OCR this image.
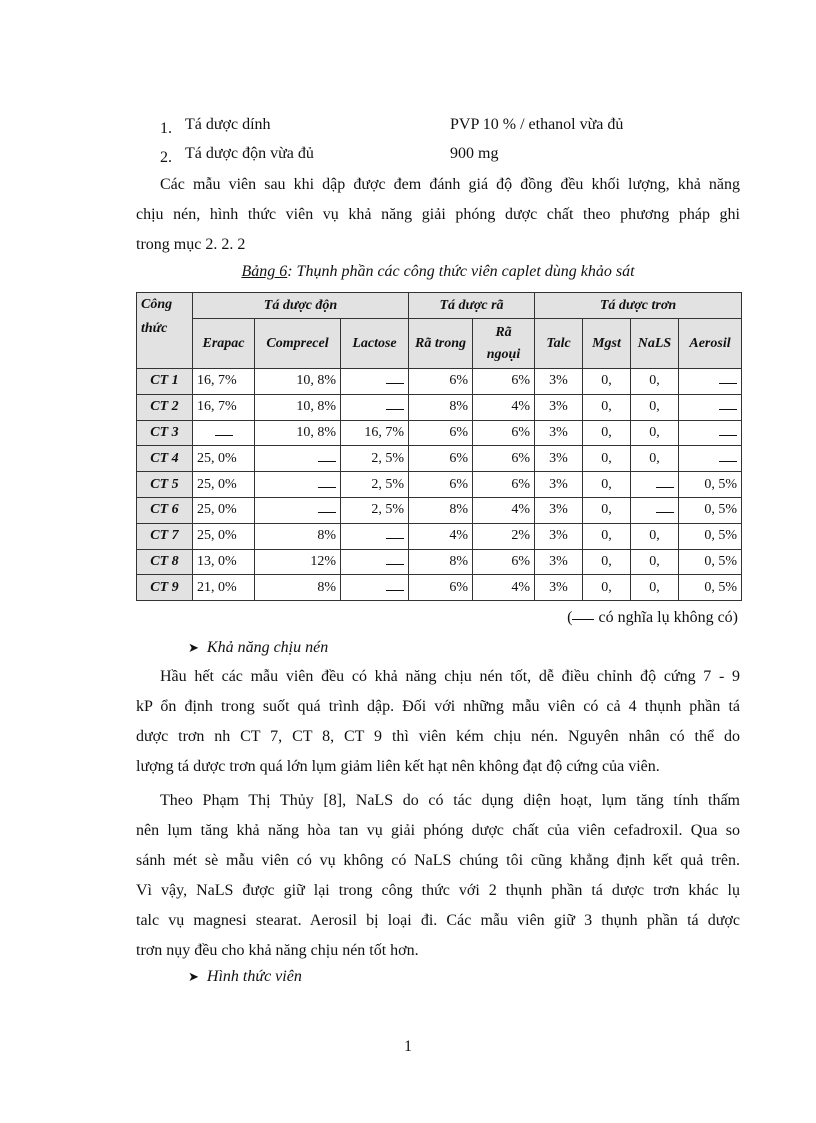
1. Tá dược dính	PVP 10 % / ethanol vừa đủ
2. Tá dược độn vừa đủ	900 mg
Các mẫu viên sau khi dập được đem đánh giá độ đồng đều khối lượng, khả năng
chịu nén, hình thức viên vụ khả năng giải phóng dược chất theo phương pháp ghi
trong mục 2. 2. 2
Bảng 6: Thụnh phần các công thức viên caplet dùng khảo sát
Công thức	Tá dược độn			Tá dược rã		Tá dược trơn			
	Erapac	Comprecel	Lactose	Rã trong	Rã ngoụi	Talc	Mgst	NaLS	Aerosil
CT 1	16, 7%	10, 8%		6%	6%	3%	0,	0,	
CT 2	16, 7%	10, 8%		8%	4%	3%	0,	0,	
CT 3		10, 8%	16, 7%	6%	6%	3%	0,	0,	
CT 4	25, 0%		2, 5%	6%	6%	3%	0,	0,	
CT 5	25, 0%		2, 5%	6%	6%	3%	0,		0, 5%
CT 6	25, 0%		2, 5%	8%	4%	3%	0,		0, 5%
CT 7	25, 0%	8%		4%	2%	3%	0,	0,	0, 5%
CT 8	13, 0%	12%		8%	6%	3%	0,	0,	0, 5%
CT 9	21, 0%	8%		6%	4%	3%	0,	0,	0, 5%
( có nghĩa lụ không có)
➤ Khả năng chịu nén
Hầu hết các mẫu viên đều có khả năng chịu nén tốt, dễ điều chỉnh độ cứng 7 - 9
kP ổn định trong suốt quá trình dập. Đối với những mẫu viên có cả 4 thụnh phần tá
dược trơn nh CT 7, CT 8, CT 9 thì viên kém chịu nén. Nguyên nhân có thể do
lượng tá dược trơn quá lớn lụm giảm liên kết hạt nên không đạt độ cứng của viên.
Theo Phạm Thị Thủy [8], NaLS do có tác dụng diện hoạt, lụm tăng tính thấm
nên lụm tăng khả năng hòa tan vụ giải phóng dược chất của viên cefadroxil. Qua so
sánh mét sè mẫu viên có vụ không có NaLS chúng tôi cũng khẳng định kết quả trên.
Vì vậy, NaLS được giữ lại trong công thức với 2 thụnh phần tá dược trơn khác lụ
talc vụ magnesi stearat. Aerosil bị loại đi. Các mẫu viên giữ 3 thụnh phần tá dược
trơn nụy đều cho khả năng chịu nén tốt hơn.
➤ Hình thức viên
1
